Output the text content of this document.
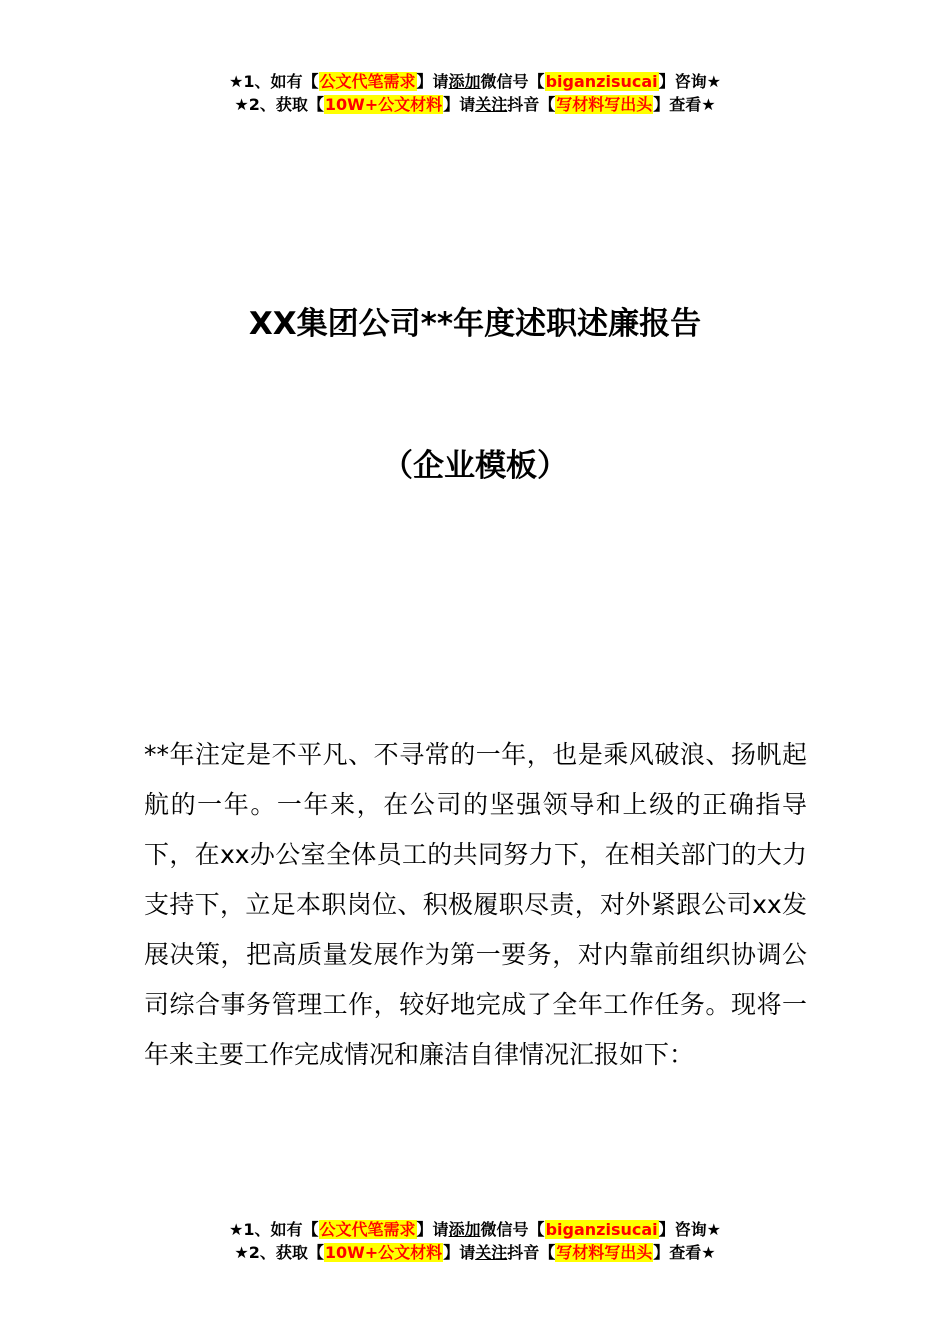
★1、如有【公文代笔需求】请添加微信号【biganzisucai】咨询★
★2、获取【10W+公文材料】请关注抖音【写材料写出头】查看★
XX集团公司**年度述职述廉报告
（企业模板）

**年注定是不平凡、不寻常的一年，也是乘风破浪、扬帆起航的一年。一年来，在公司的坚强领导和上级的正确指导下，在xx办公室全体员工的共同努力下，在相关部门的大力支持下，立足本职岗位、积极履职尽责，对外紧跟公司xx发展决策，把高质量发展作为第一要务，对内靠前组织协调公司综合事务管理工作，较好地完成了全年工作任务。现将一年来主要工作完成情况和廉洁自律情况汇报如下：

★1、如有【公文代笔需求】请添加微信号【biganzisucai】咨询★
★2、获取【10W+公文材料】请关注抖音【写材料写出头】查看★
